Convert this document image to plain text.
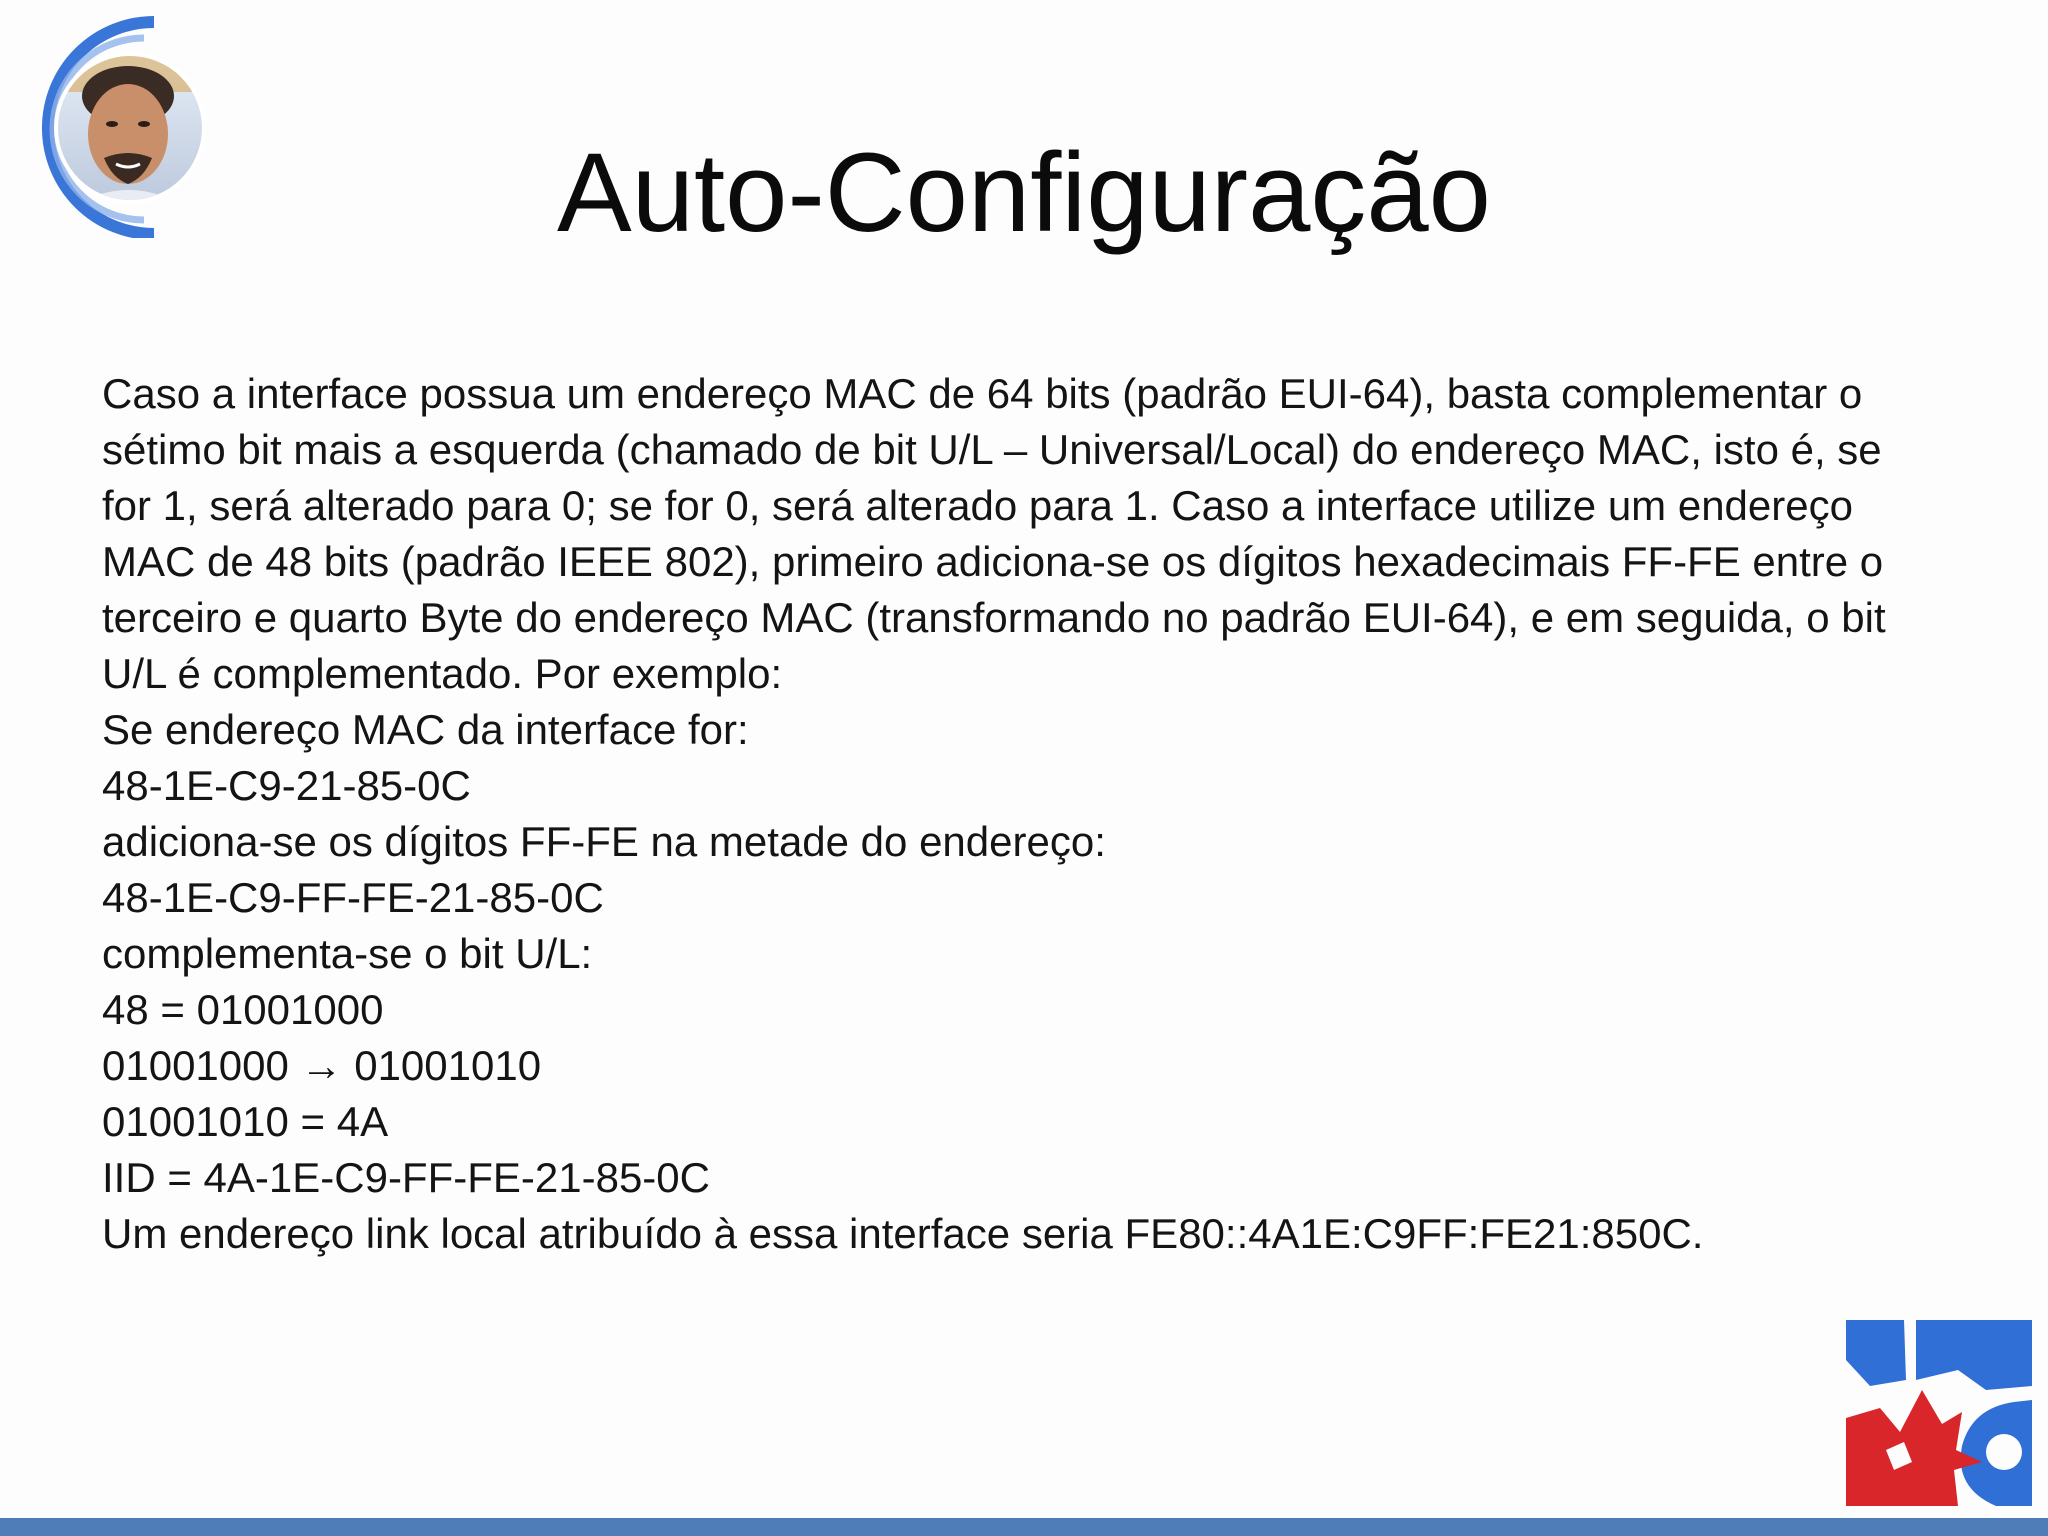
Auto-Configuração
Caso a interface possua um endereço MAC de 64 bits (padrão EUI-64), basta complementar o sétimo bit mais a esquerda (chamado de bit U/L – Universal/Local) do endereço MAC, isto é, se for 1, será alterado para 0; se for 0, será alterado para 1. Caso a interface utilize um endereço MAC de 48 bits (padrão IEEE 802), primeiro adiciona-se os dígitos hexadecimais FF-FE entre o terceiro e quarto Byte do endereço MAC (transformando no padrão EUI-64), e em seguida, o bit U/L é complementado. Por exemplo:
Se endereço MAC da interface for:
48-1E-C9-21-85-0C
adiciona-se os dígitos FF-FE na metade do endereço:
48-1E-C9-FF-FE-21-85-0C
complementa-se o bit U/L:
48 = 01001000
01001000 → 01001010
01001010 = 4A
IID = 4A-1E-C9-FF-FE-21-85-0C
Um endereço link local atribuído à essa interface seria FE80::4A1E:C9FF:FE21:850C.
